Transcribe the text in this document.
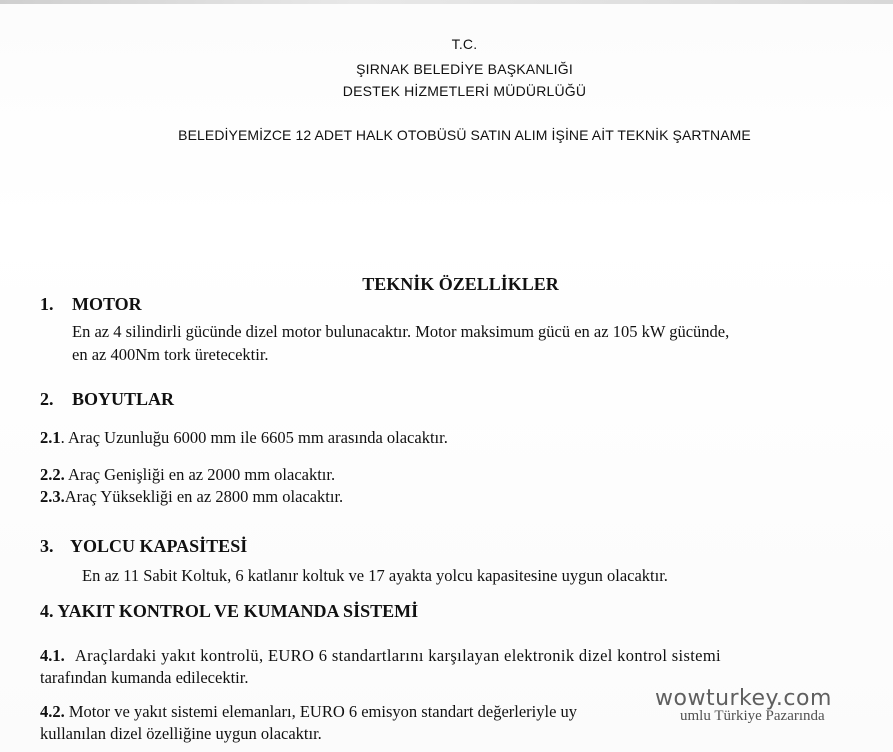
T.C.
ŞIRNAK BELEDİYE BAŞKANLIĞI
DESTEK HİZMETLERİ MÜDÜRLÜĞÜ
BELEDİYEMİZCE 12 ADET HALK OTOBÜSÜ SATIN ALIM İŞİNE AİT TEKNİK ŞARTNAME
TEKNİK ÖZELLİKLER
1. MOTOR
En az 4 silindirli gücünde dizel motor bulunacaktır. Motor maksimum gücü en az 105 kW gücünde,
en az 400Nm tork üretecektir.
2. BOYUTLAR
2.1. Araç Uzunluğu 6000 mm ile 6605 mm arasında olacaktır.
2.2. Araç Genişliği en az 2000 mm olacaktır.
2.3.Araç Yüksekliği en az 2800 mm olacaktır.
3. YOLCU KAPASİTESİ
En az 11 Sabit Koltuk, 6 katlanır koltuk ve 17 ayakta yolcu kapasitesine uygun olacaktır.
4. YAKIT KONTROL VE KUMANDA SİSTEMİ
4.1. Araçlardaki yakıt kontrolü, EURO 6 standartlarını karşılayan elektronik dizel kontrol sistemi
tarafından kumanda edilecektir.
4.2. Motor ve yakıt sistemi elemanları, EURO 6 emisyon standart değerleriyle uy
kullanılan dizel özelliğine uygun olacaktır.
wowturkey.com
umlu Türkiye Pazarında
